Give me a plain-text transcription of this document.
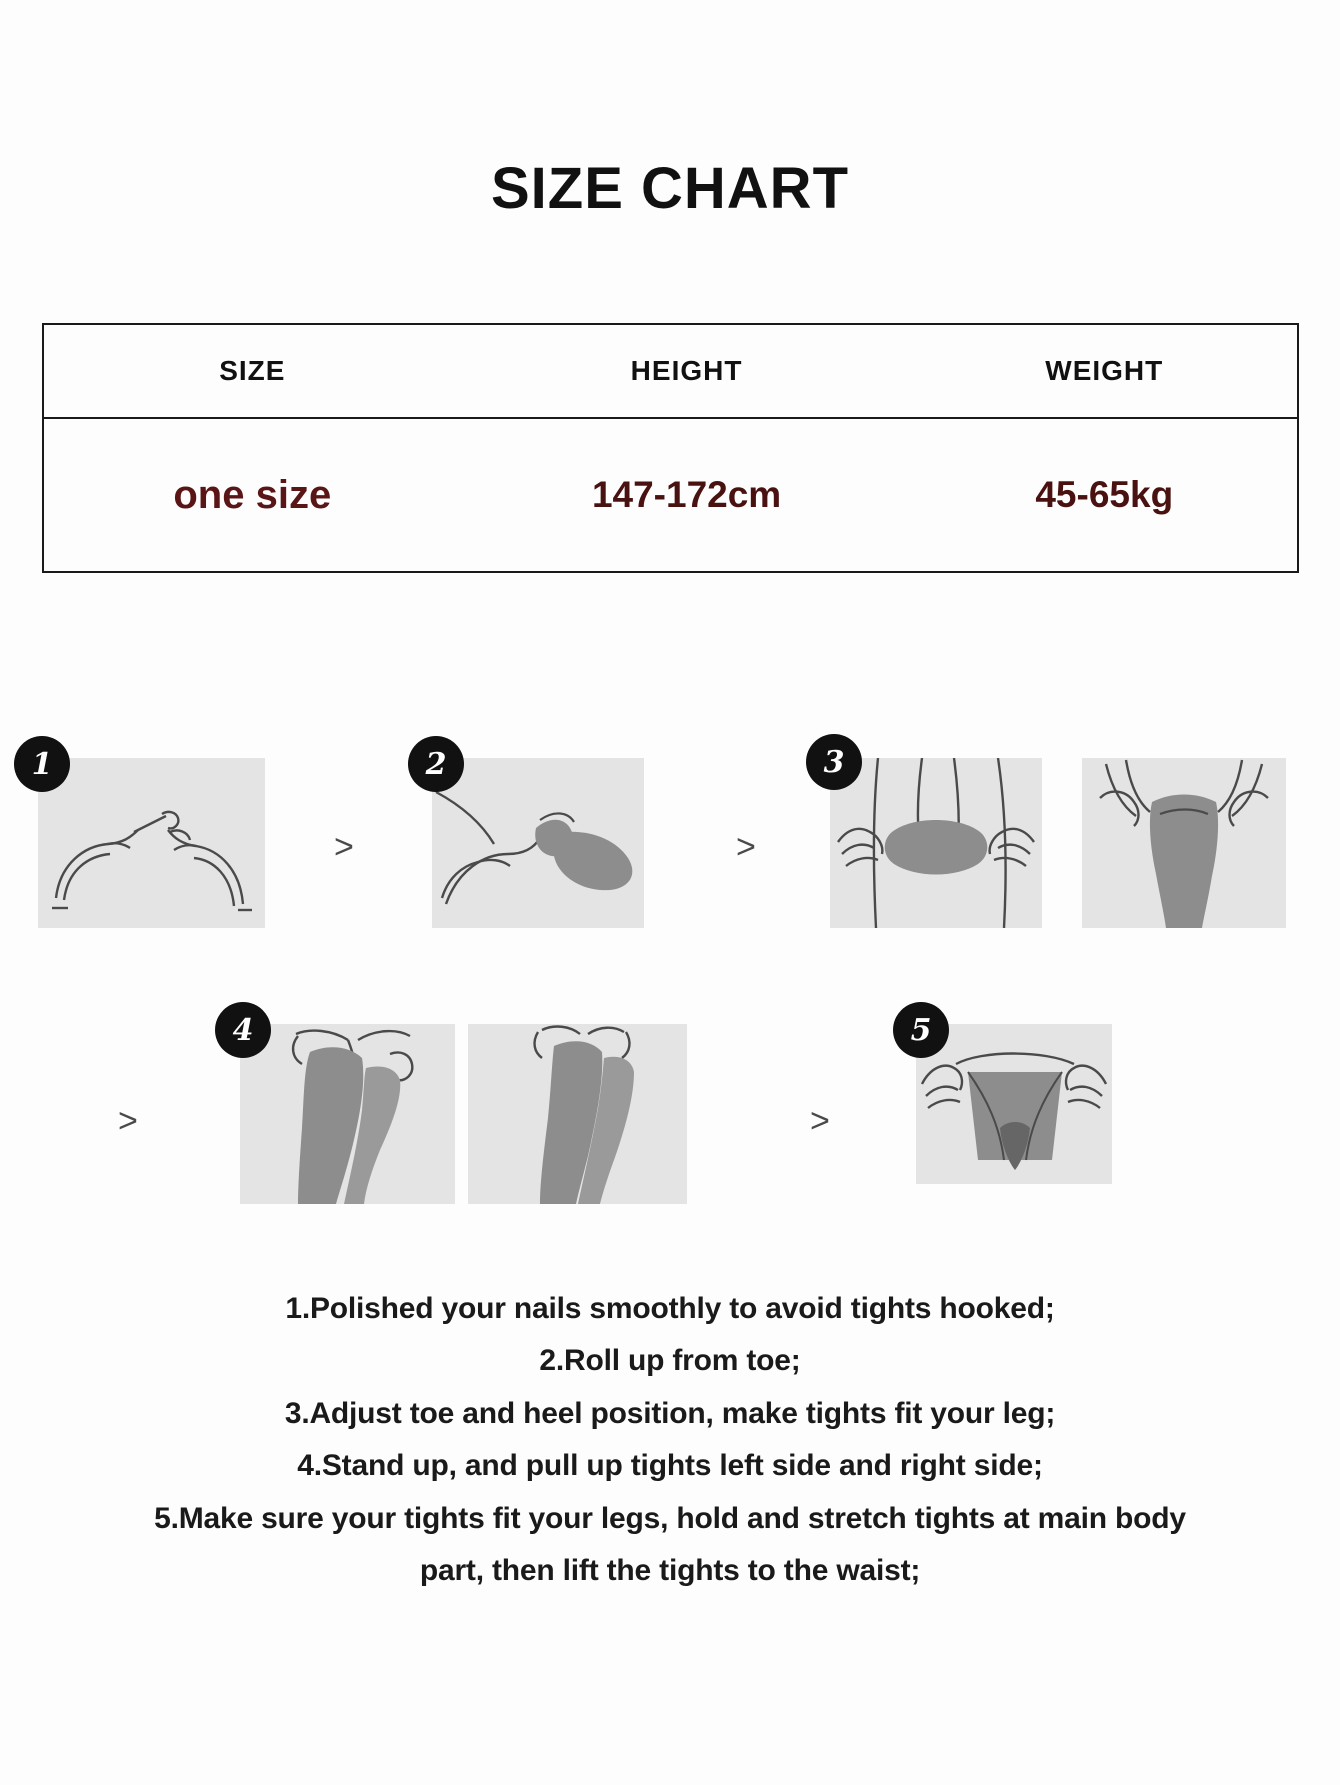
SIZE CHART
SIZE	HEIGHT	WEIGHT
one size	147-172cm	45-65kg
1
>
2
>
3
>
4
>
5

1.Polished your nails smoothly to avoid tights hooked;

2.Roll up from toe;

3.Adjust toe and heel position, make tights fit your leg;

4.Stand up, and pull up tights left side and right side;

5.Make sure your tights fit your legs, hold and stretch tights at main body

part, then lift the tights to the waist;
